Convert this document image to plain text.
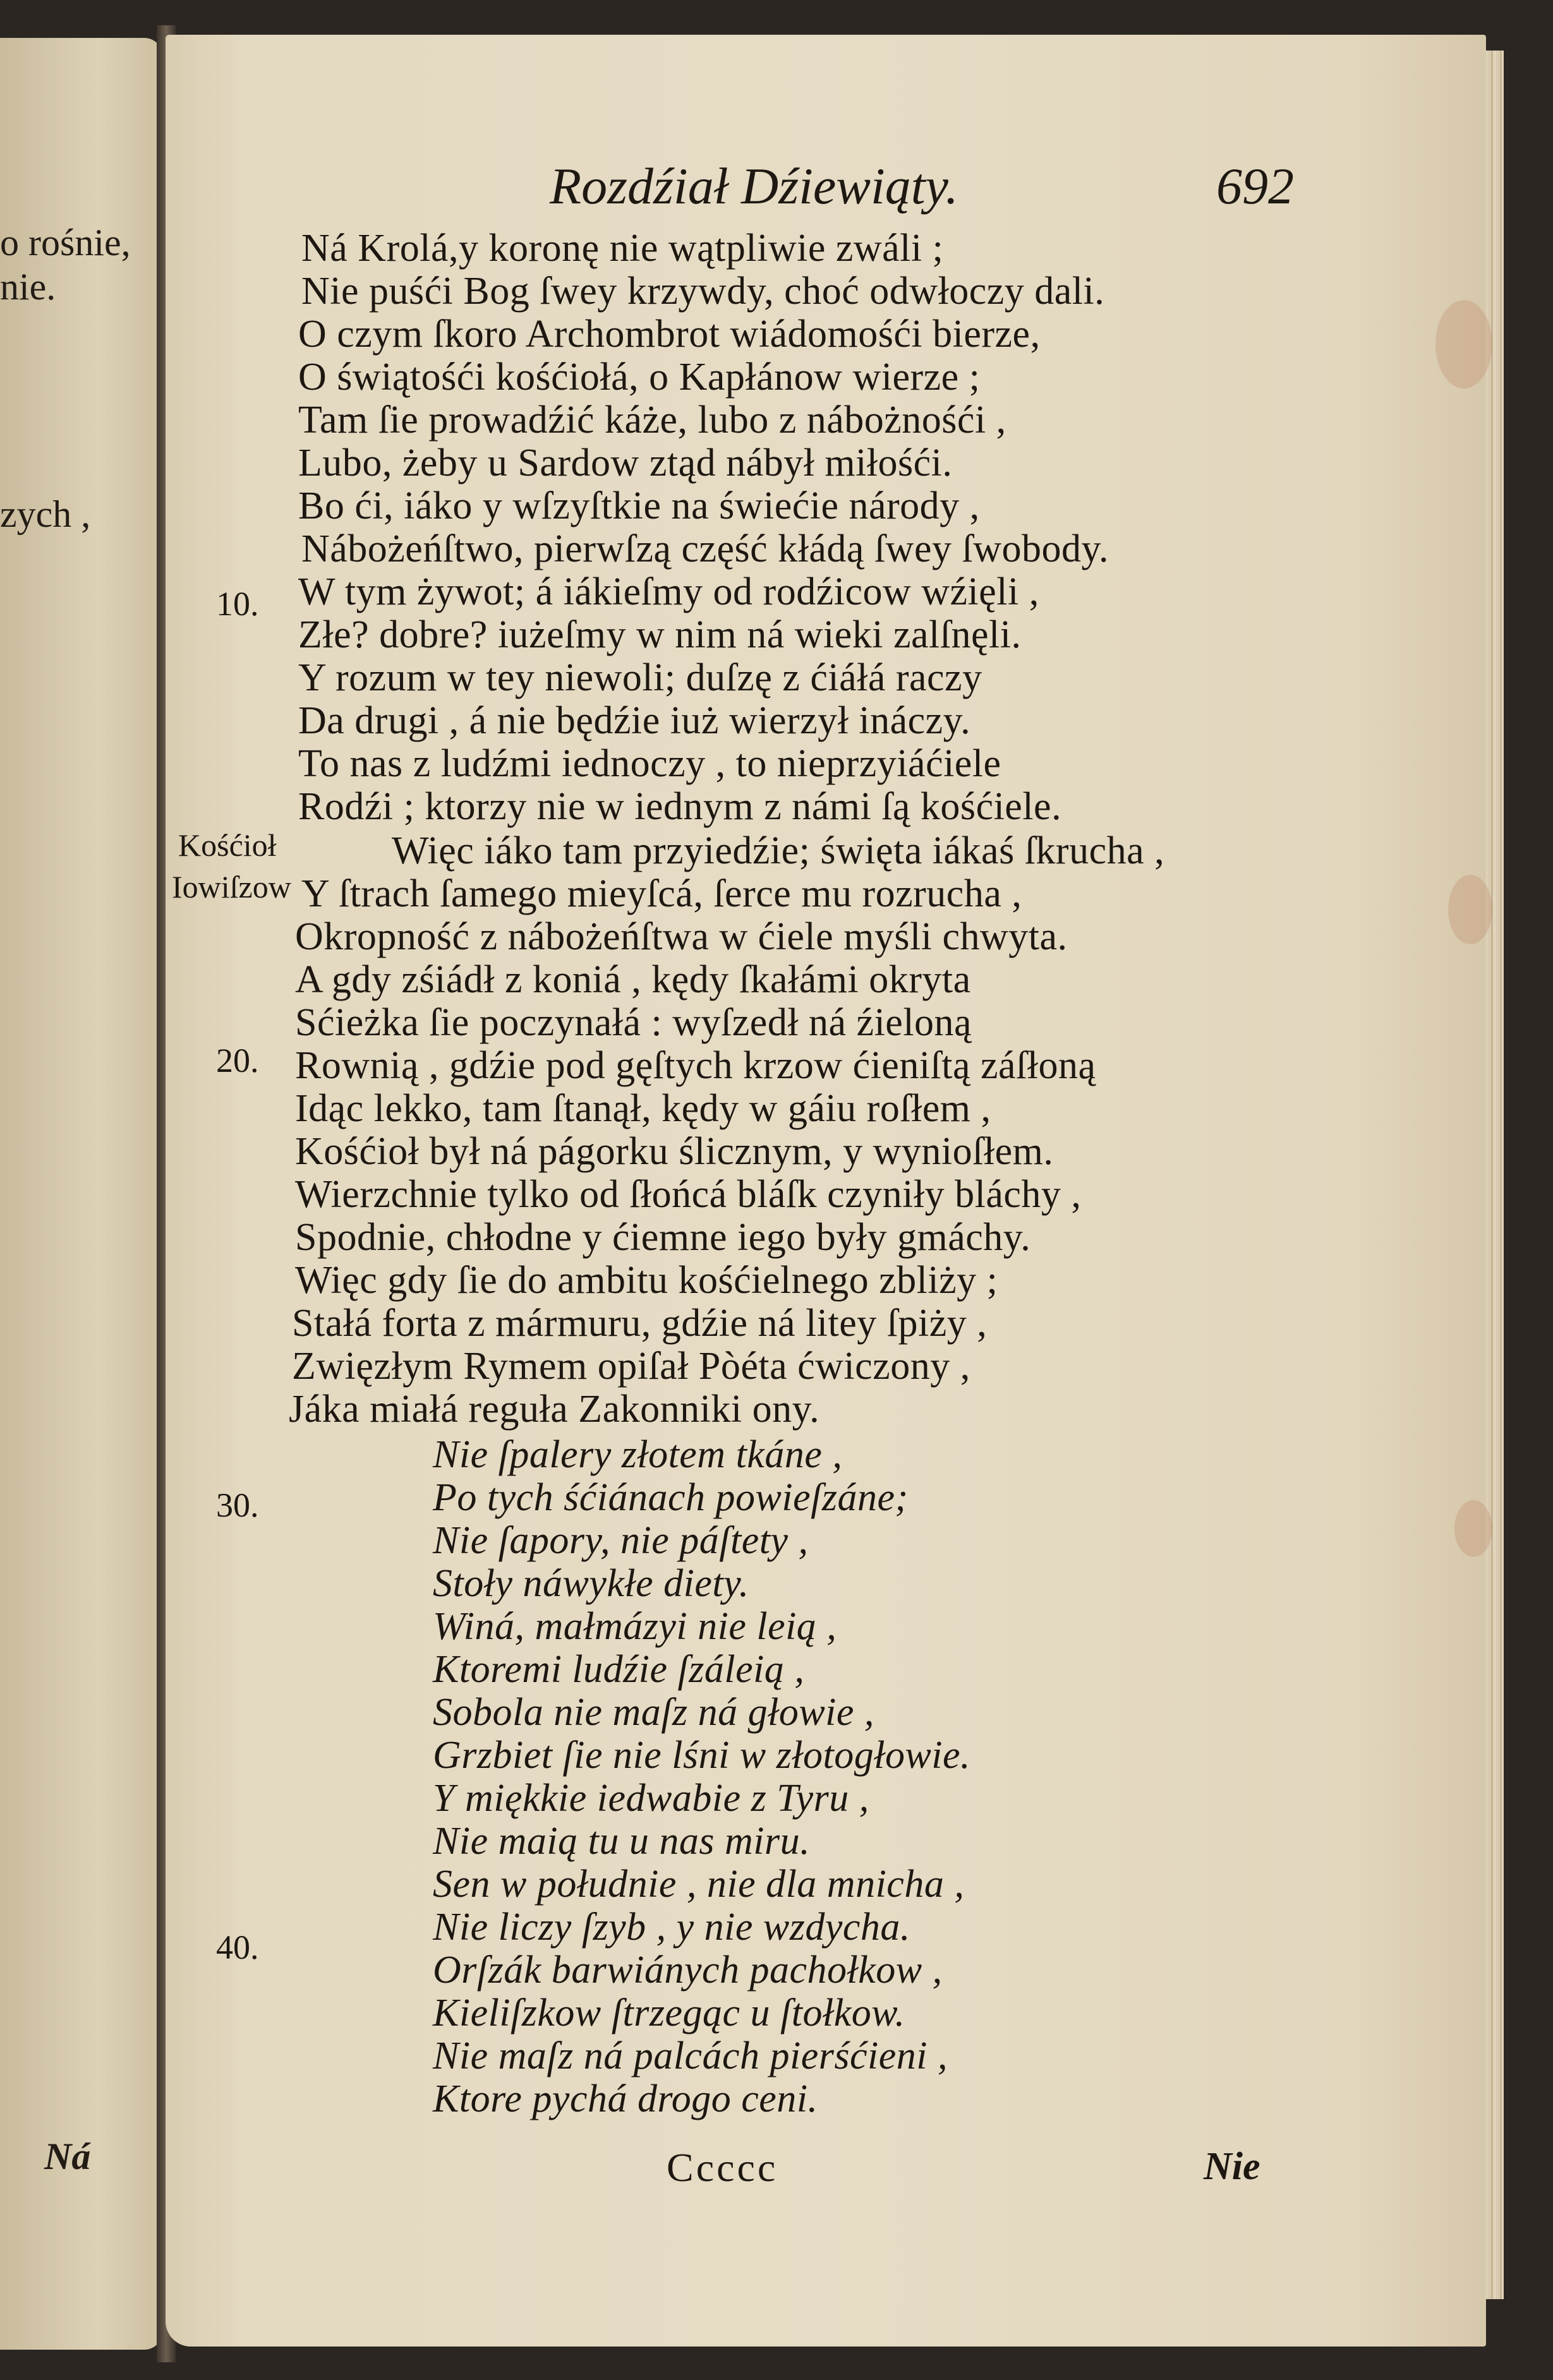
o rośnie,
nie.
zych ,
Ná
Rozdźiał Dźiewiąty.	692
Ná Krolá,y koronę nie wątpliwie zwáli ;
Nie puśći Bog ſwey krzywdy, choć odwłoczy dali.
O czym ſkoro Archombrot wiádomośći bierze,
O świątośći kośćiołá, o Kapłánow wierze ;
Tam ſie prowadźić káże, lubo z nábożnośći ,
Lubo, żeby u Sardow ztąd nábył miłośći.
Bo ći, iáko y wſzyſtkie na świećie národy ,
Nábożeńſtwo, pierwſzą część kłádą ſwey ſwobody.
W tym żywot; á iákieſmy od rodźicow wźięli ,
Złe? dobre? iużeſmy w nim ná wieki zalſnęli.
Y rozum w tey niewoli; duſzę z ćiáłá raczy
Da drugi , á nie będźie iuż wierzył ináczy.
To nas z ludźmi iednoczy , to nieprzyiáćiele
Rodźi ; ktorzy nie w iednym z námi ſą kośćiele.
Więc iáko tam przyiedźie; święta iákaś ſkrucha ,
Y ſtrach ſamego mieyſcá, ſerce mu rozrucha ,
Okropność z nábożeńſtwa w ćiele myśli chwyta.
A gdy zśiádł z koniá , kędy ſkałámi okryta
Sćieżka ſie poczynałá : wyſzedł ná źieloną
Rownią , gdźie pod gęſtych krzow ćieniſtą záſłoną
Idąc lekko, tam ſtanął, kędy w gáiu roſłem ,
Kośćioł był ná págorku ślicznym, y wynioſłem.
Wierzchnie tylko od ſłońcá bláſk czyniły bláchy ,
Spodnie, chłodne y ćiemne iego były gmáchy.
Więc gdy ſie do ambitu kośćielnego zbliży ;
Stałá forta z mármuru, gdźie ná litey ſpiży ,
Zwięzłym Rymem opiſał Pòéta ćwiczony ,
Jáka miałá reguła Zakonniki ony.
Nie ſpalery złotem tkáne ,
Po tych śćiánach powieſzáne;
Nie ſapory, nie páſtety ,
Stoły náwykłe diety.
Winá, małmázyi nie leią ,
Ktoremi ludźie ſzáleią ,
Sobola nie maſz ná głowie ,
Grzbiet ſie nie lśni w złotogłowie.
Y miękkie iedwabie z Tyru ,
Nie maią tu u nas miru.
Sen w południe , nie dla mnicha ,
Nie liczy ſzyb , y nie wzdycha.
Orſzák barwiánych pachołkow ,
Kieliſzkow ſtrzegąc u ſtołkow.
Nie maſz ná palcách pierśćieni ,
Ktore pychá drogo ceni.
10.
20.
30.
40.
Kośćioł
Iowiſzow
Ccccc	Nie
